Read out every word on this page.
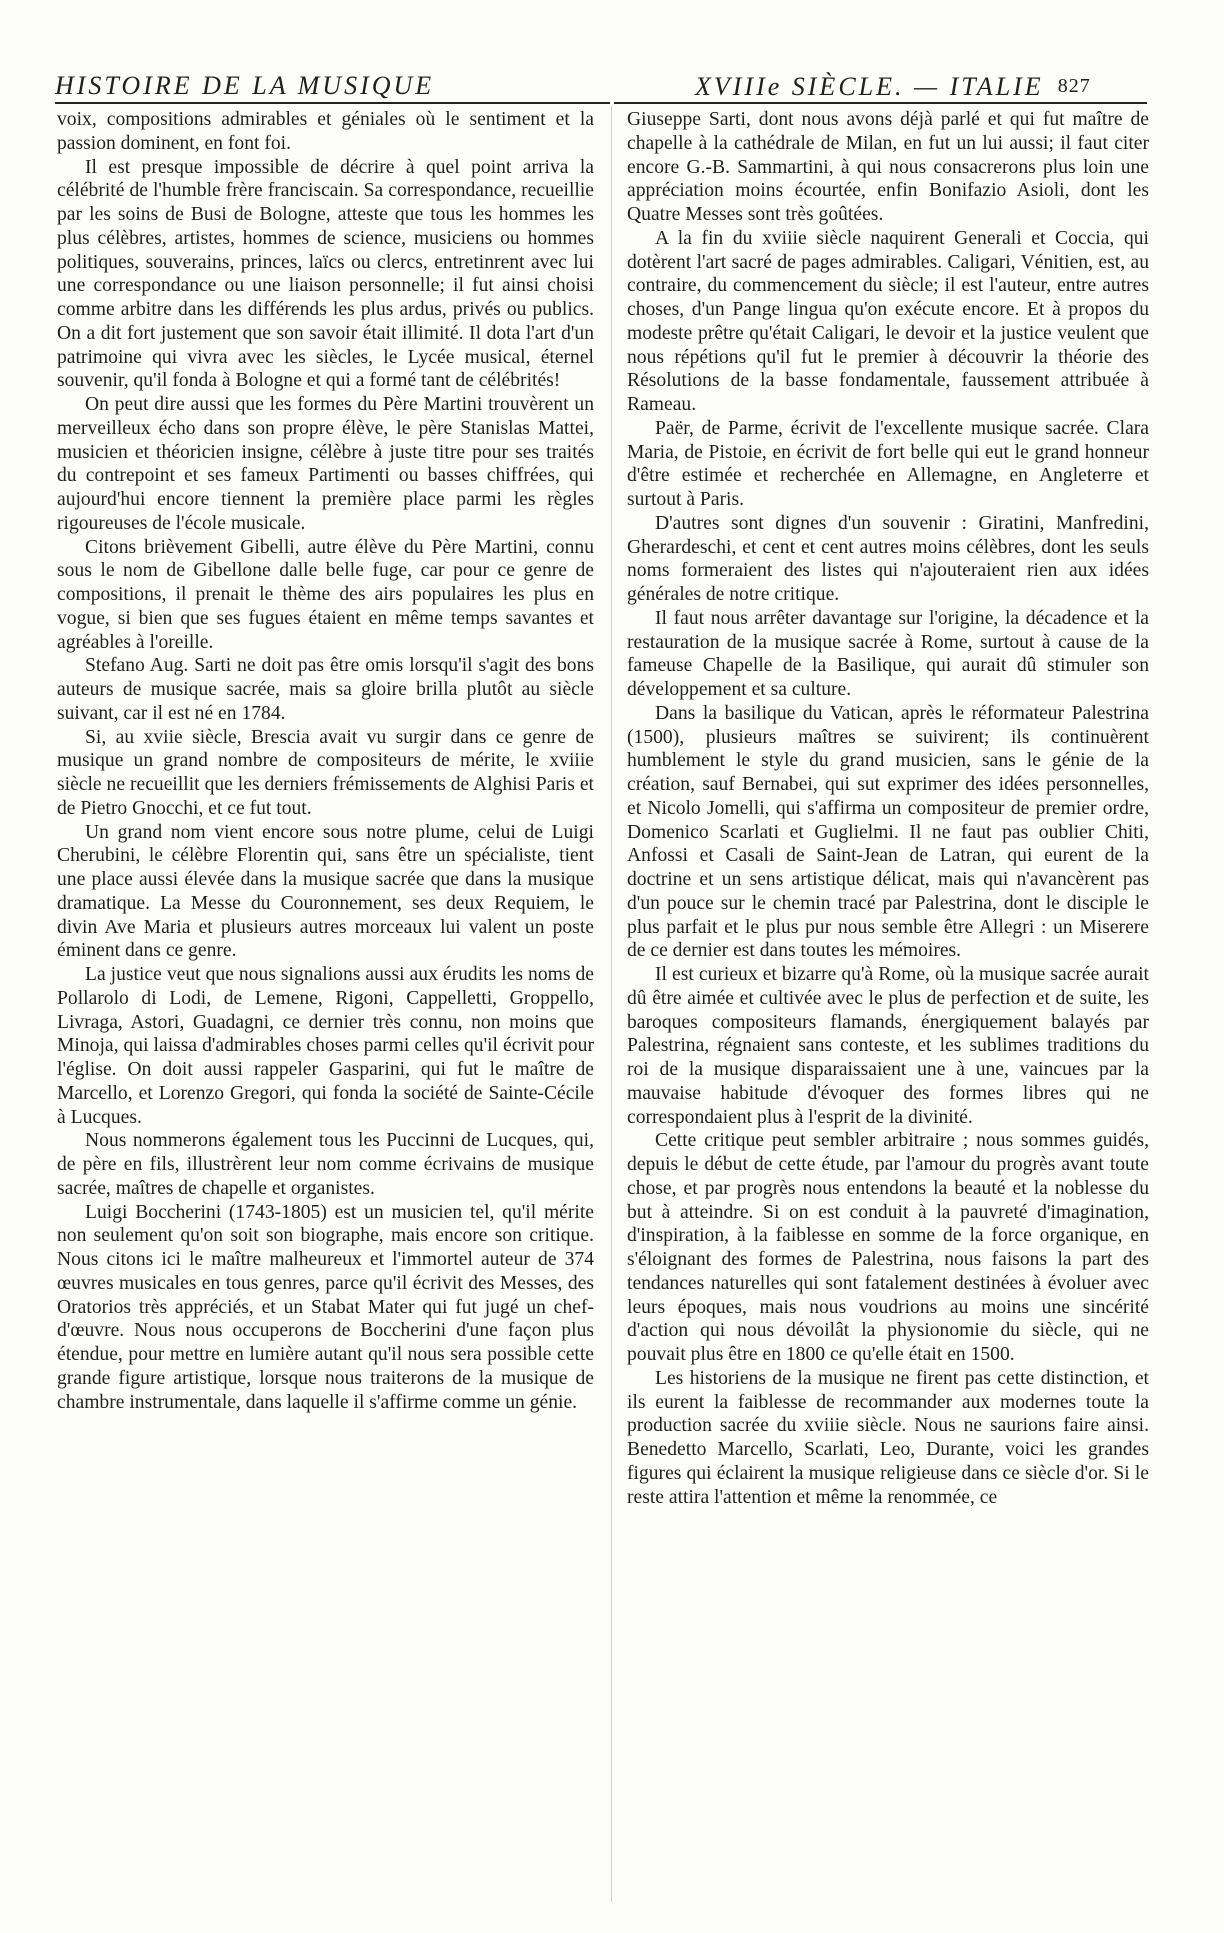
HISTOIRE DE LA MUSIQUE	XVIIIe SIÈCLE. — ITALIE 827

voix, compositions admirables et géniales où le sentiment et la passion dominent, en font foi.

Il est presque impossible de décrire à quel point arriva la célébrité de l'humble frère franciscain. Sa correspondance, recueillie par les soins de Busi de Bologne, atteste que tous les hommes les plus célèbres, artistes, hommes de science, musiciens ou hommes politiques, souverains, princes, laïcs ou clercs, entretinrent avec lui une correspondance ou une liaison personnelle; il fut ainsi choisi comme arbitre dans les différends les plus ardus, privés ou publics. On a dit fort justement que son savoir était illimité. Il dota l'art d'un patrimoine qui vivra avec les siècles, le Lycée musical, éternel souvenir, qu'il fonda à Bologne et qui a formé tant de célébrités!

On peut dire aussi que les formes du Père Martini trouvèrent un merveilleux écho dans son propre élève, le père Stanislas Mattei, musicien et théoricien insigne, célèbre à juste titre pour ses traités du contrepoint et ses fameux Partimenti ou basses chiffrées, qui aujourd'hui encore tiennent la première place parmi les règles rigoureuses de l'école musicale.

Citons brièvement Gibelli, autre élève du Père Martini, connu sous le nom de Gibellone dalle belle fuge, car pour ce genre de compositions, il prenait le thème des airs populaires les plus en vogue, si bien que ses fugues étaient en même temps savantes et agréables à l'oreille.

Stefano Aug. Sarti ne doit pas être omis lorsqu'il s'agit des bons auteurs de musique sacrée, mais sa gloire brilla plutôt au siècle suivant, car il est né en 1784.

Si, au xviie siècle, Brescia avait vu surgir dans ce genre de musique un grand nombre de compositeurs de mérite, le xviiie siècle ne recueillit que les derniers frémissements de Alghisi Paris et de Pietro Gnocchi, et ce fut tout.

Un grand nom vient encore sous notre plume, celui de Luigi Cherubini, le célèbre Florentin qui, sans être un spécialiste, tient une place aussi élevée dans la musique sacrée que dans la musique dramatique. La Messe du Couronnement, ses deux Requiem, le divin Ave Maria et plusieurs autres morceaux lui valent un poste éminent dans ce genre.

La justice veut que nous signalions aussi aux érudits les noms de Pollarolo di Lodi, de Lemene, Rigoni, Cappelletti, Groppello, Livraga, Astori, Guadagni, ce dernier très connu, non moins que Minoja, qui laissa d'admirables choses parmi celles qu'il écrivit pour l'église. On doit aussi rappeler Gasparini, qui fut le maître de Marcello, et Lorenzo Gregori, qui fonda la société de Sainte-Cécile à Lucques.

Nous nommerons également tous les Puccinni de Lucques, qui, de père en fils, illustrèrent leur nom comme écrivains de musique sacrée, maîtres de chapelle et organistes.

Luigi Boccherini (1743-1805) est un musicien tel, qu'il mérite non seulement qu'on soit son biographe, mais encore son critique. Nous citons ici le maître malheureux et l'immortel auteur de 374 œuvres musicales en tous genres, parce qu'il écrivit des Messes, des Oratorios très appréciés, et un Stabat Mater qui fut jugé un chef-d'œuvre. Nous nous occuperons de Boccherini d'une façon plus étendue, pour mettre en lumière autant qu'il nous sera possible cette grande figure artistique, lorsque nous traiterons de la musique de chambre instrumentale, dans laquelle il s'affirme comme un génie.

Giuseppe Sarti, dont nous avons déjà parlé et qui fut maître de chapelle à la cathédrale de Milan, en fut un lui aussi; il faut citer encore G.-B. Sammartini, à qui nous consacrerons plus loin une appréciation moins écourtée, enfin Bonifazio Asioli, dont les Quatre Messes sont très goûtées.

A la fin du xviiie siècle naquirent Generali et Coccia, qui dotèrent l'art sacré de pages admirables. Caligari, Vénitien, est, au contraire, du commencement du siècle; il est l'auteur, entre autres choses, d'un Pange lingua qu'on exécute encore. Et à propos du modeste prêtre qu'était Caligari, le devoir et la justice veulent que nous répétions qu'il fut le premier à découvrir la théorie des Résolutions de la basse fondamentale, faussement attribuée à Rameau.

Paër, de Parme, écrivit de l'excellente musique sacrée. Clara Maria, de Pistoie, en écrivit de fort belle qui eut le grand honneur d'être estimée et recherchée en Allemagne, en Angleterre et surtout à Paris.

D'autres sont dignes d'un souvenir : Giratini, Manfredini, Gherardeschi, et cent et cent autres moins célèbres, dont les seuls noms formeraient des listes qui n'ajouteraient rien aux idées générales de notre critique.

Il faut nous arrêter davantage sur l'origine, la décadence et la restauration de la musique sacrée à Rome, surtout à cause de la fameuse Chapelle de la Basilique, qui aurait dû stimuler son développement et sa culture.

Dans la basilique du Vatican, après le réformateur Palestrina (1500), plusieurs maîtres se suivirent; ils continuèrent humblement le style du grand musicien, sans le génie de la création, sauf Bernabei, qui sut exprimer des idées personnelles, et Nicolo Jomelli, qui s'affirma un compositeur de premier ordre, Domenico Scarlati et Guglielmi. Il ne faut pas oublier Chiti, Anfossi et Casali de Saint-Jean de Latran, qui eurent de la doctrine et un sens artistique délicat, mais qui n'avancèrent pas d'un pouce sur le chemin tracé par Palestrina, dont le disciple le plus parfait et le plus pur nous semble être Allegri : un Miserere de ce dernier est dans toutes les mémoires.

Il est curieux et bizarre qu'à Rome, où la musique sacrée aurait dû être aimée et cultivée avec le plus de perfection et de suite, les baroques compositeurs flamands, énergiquement balayés par Palestrina, régnaient sans conteste, et les sublimes traditions du roi de la musique disparaissaient une à une, vaincues par la mauvaise habitude d'évoquer des formes libres qui ne correspondaient plus à l'esprit de la divinité.

Cette critique peut sembler arbitraire ; nous sommes guidés, depuis le début de cette étude, par l'amour du progrès avant toute chose, et par progrès nous entendons la beauté et la noblesse du but à atteindre. Si on est conduit à la pauvreté d'imagination, d'inspiration, à la faiblesse en somme de la force organique, en s'éloignant des formes de Palestrina, nous faisons la part des tendances naturelles qui sont fatalement destinées à évoluer avec leurs époques, mais nous voudrions au moins une sincérité d'action qui nous dévoilât la physionomie du siècle, qui ne pouvait plus être en 1800 ce qu'elle était en 1500.

Les historiens de la musique ne firent pas cette distinction, et ils eurent la faiblesse de recommander aux modernes toute la production sacrée du xviiie siècle. Nous ne saurions faire ainsi. Benedetto Marcello, Scarlati, Leo, Durante, voici les grandes figures qui éclairent la musique religieuse dans ce siècle d'or. Si le reste attira l'attention et même la renommée, ce
